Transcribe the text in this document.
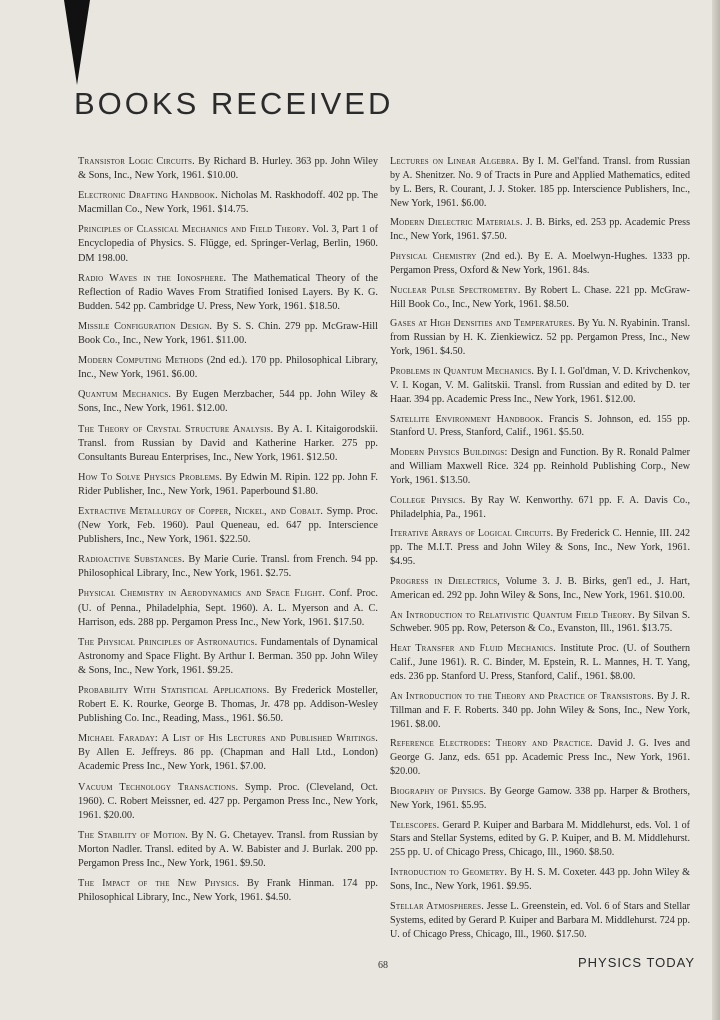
BOOKS RECEIVED

Transistor Logic Circuits. By Richard B. Hurley. 363 pp. John Wiley & Sons, Inc., New York, 1961. $10.00.

Electronic Drafting Handbook. Nicholas M. Raskhodoff. 402 pp. The Macmillan Co., New York, 1961. $14.75.

Principles of Classical Mechanics and Field Theory. Vol. 3, Part 1 of Encyclopedia of Physics. S. Flügge, ed. Springer-Verlag, Berlin, 1960. DM 198.00.

Radio Waves in the Ionosphere. The Mathematical Theory of the Reflection of Radio Waves From Stratified Ionised Layers. By K. G. Budden. 542 pp. Cambridge U. Press, New York, 1961. $18.50.

Missile Configuration Design. By S. S. Chin. 279 pp. McGraw-Hill Book Co., Inc., New York, 1961. $11.00.

Modern Computing Methods (2nd ed.). 170 pp. Philosophical Library, Inc., New York, 1961. $6.00.

Quantum Mechanics. By Eugen Merzbacher, 544 pp. John Wiley & Sons, Inc., New York, 1961. $12.00.

The Theory of Crystal Structure Analysis. By A. I. Kitaigorodskii. Transl. from Russian by David and Katherine Harker. 275 pp. Consultants Bureau Enterprises, Inc., New York, 1961. $12.50.

How To Solve Physics Problems. By Edwin M. Ripin. 122 pp. John F. Rider Publisher, Inc., New York, 1961. Paperbound $1.80.

Extractive Metallurgy of Copper, Nickel, and Cobalt. Symp. Proc. (New York, Feb. 1960). Paul Queneau, ed. 647 pp. Interscience Publishers, Inc., New York, 1961. $22.50.

Radioactive Substances. By Marie Curie. Transl. from French. 94 pp. Philosophical Library, Inc., New York, 1961. $2.75.

Physical Chemistry in Aerodynamics and Space Flight. Conf. Proc. (U. of Penna., Philadelphia, Sept. 1960). A. L. Myerson and A. C. Harrison, eds. 288 pp. Pergamon Press Inc., New York, 1961. $17.50.

The Physical Principles of Astronautics. Fundamentals of Dynamical Astronomy and Space Flight. By Arthur I. Berman. 350 pp. John Wiley & Sons, Inc., New York, 1961. $9.25.

Probability With Statistical Applications. By Frederick Mosteller, Robert E. K. Rourke, George B. Thomas, Jr. 478 pp. Addison-Wesley Publishing Co. Inc., Reading, Mass., 1961. $6.50.

Michael Faraday: A List of His Lectures and Published Writings. By Allen E. Jeffreys. 86 pp. (Chapman and Hall Ltd., London) Academic Press Inc., New York, 1961. $7.00.

Vacuum Technology Transactions. Symp. Proc. (Cleveland, Oct. 1960). C. Robert Meissner, ed. 427 pp. Pergamon Press Inc., New York, 1961. $20.00.

The Stability of Motion. By N. G. Chetayev. Transl. from Russian by Morton Nadler. Transl. edited by A. W. Babister and J. Burlak. 200 pp. Pergamon Press Inc., New York, 1961. $9.50.

The Impact of the New Physics. By Frank Hinman. 174 pp. Philosophical Library, Inc., New York, 1961. $4.50.

Lectures on Linear Algebra. By I. M. Gel'fand. Transl. from Russian by A. Shenitzer. No. 9 of Tracts in Pure and Applied Mathematics, edited by L. Bers, R. Courant, J. J. Stoker. 185 pp. Interscience Publishers, Inc., New York, 1961. $6.00.

Modern Dielectric Materials. J. B. Birks, ed. 253 pp. Academic Press Inc., New York, 1961. $7.50.

Physical Chemistry (2nd ed.). By E. A. Moelwyn-Hughes. 1333 pp. Pergamon Press, Oxford & New York, 1961. 84s.

Nuclear Pulse Spectrometry. By Robert L. Chase. 221 pp. McGraw-Hill Book Co., Inc., New York, 1961. $8.50.

Gases at High Densities and Temperatures. By Yu. N. Ryabinin. Transl. from Russian by H. K. Zienkiewicz. 52 pp. Pergamon Press, Inc., New York, 1961. $4.50.

Problems in Quantum Mechanics. By I. I. Gol'dman, V. D. Krivchenkov, V. I. Kogan, V. M. Galitskii. Transl. from Russian and edited by D. ter Haar. 394 pp. Academic Press Inc., New York, 1961. $12.00.

Satellite Environment Handbook. Francis S. Johnson, ed. 155 pp. Stanford U. Press, Stanford, Calif., 1961. $5.50.

Modern Physics Buildings: Design and Function. By R. Ronald Palmer and William Maxwell Rice. 324 pp. Reinhold Publishing Corp., New York, 1961. $13.50.

College Physics. By Ray W. Kenworthy. 671 pp. F. A. Davis Co., Philadelphia, Pa., 1961.

Iterative Arrays of Logical Circuits. By Frederick C. Hennie, III. 242 pp. The M.I.T. Press and John Wiley & Sons, Inc., New York, 1961. $4.95.

Progress in Dielectrics, Volume 3. J. B. Birks, gen'l ed., J. Hart, American ed. 292 pp. John Wiley & Sons, Inc., New York, 1961. $10.00.

An Introduction to Relativistic Quantum Field Theory. By Silvan S. Schweber. 905 pp. Row, Peterson & Co., Evanston, Ill., 1961. $13.75.

Heat Transfer and Fluid Mechanics. Institute Proc. (U. of Southern Calif., June 1961). R. C. Binder, M. Epstein, R. L. Mannes, H. T. Yang, eds. 236 pp. Stanford U. Press, Stanford, Calif., 1961. $8.00.

An Introduction to the Theory and Practice of Transistors. By J. R. Tillman and F. F. Roberts. 340 pp. John Wiley & Sons, Inc., New York, 1961. $8.00.

Reference Electrodes: Theory and Practice. David J. G. Ives and George G. Janz, eds. 651 pp. Academic Press Inc., New York, 1961. $20.00.

Biography of Physics. By George Gamow. 338 pp. Harper & Brothers, New York, 1961. $5.95.

Telescopes. Gerard P. Kuiper and Barbara M. Middlehurst, eds. Vol. 1 of Stars and Stellar Systems, edited by G. P. Kuiper, and B. M. Middlehurst. 255 pp. U. of Chicago Press, Chicago, Ill., 1960. $8.50.

Introduction to Geometry. By H. S. M. Coxeter. 443 pp. John Wiley & Sons, Inc., New York, 1961. $9.95.

Stellar Atmospheres. Jesse L. Greenstein, ed. Vol. 6 of Stars and Stellar Systems, edited by Gerard P. Kuiper and Barbara M. Middlehurst. 724 pp. U. of Chicago Press, Chicago, Ill., 1960. $17.50.

68	PHYSICS TODAY
